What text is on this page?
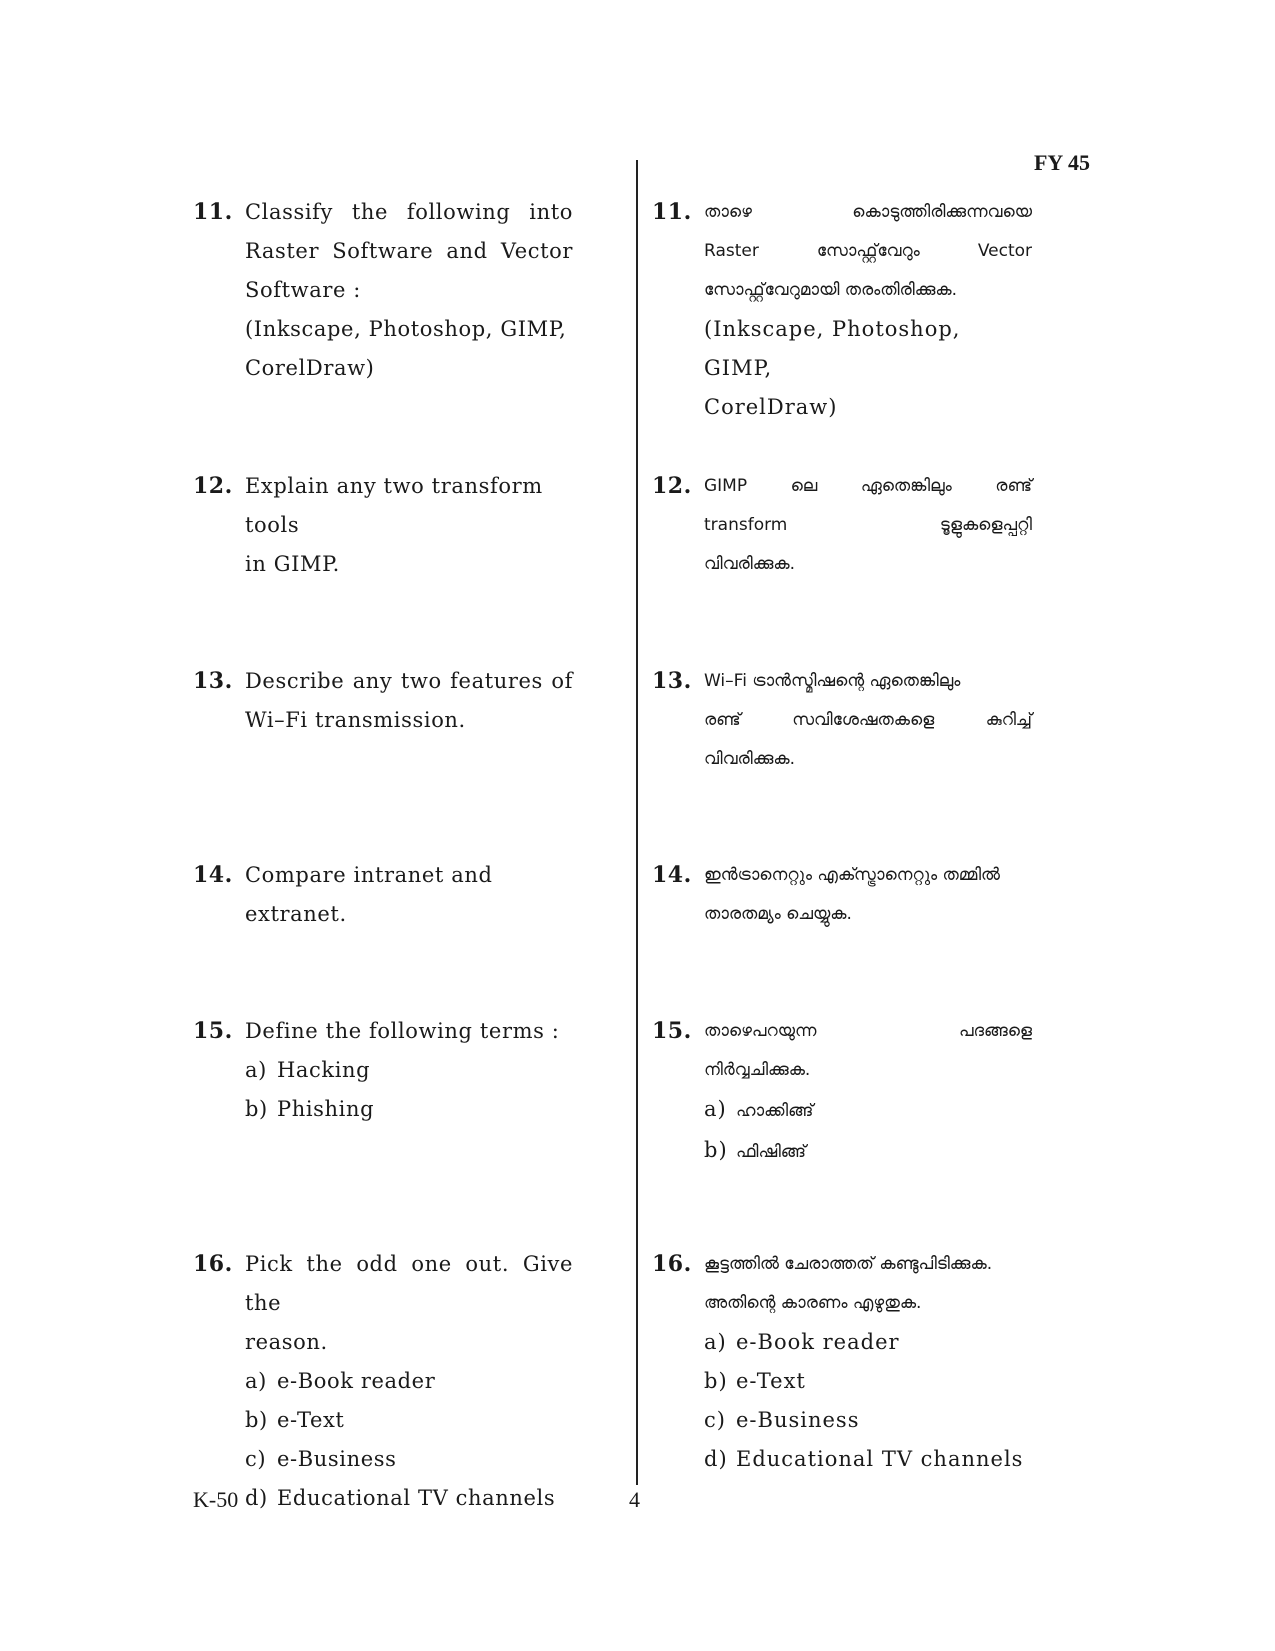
FY 45
11. Classify the following into
Raster Software and Vector
Software :
(Inkscape, Photoshop, GIMP,
CorelDraw)
12. Explain any two transform tools
in GIMP.
13. Describe any two features of
Wi–Fi transmission.
14. Compare intranet and extranet.
15. Define the following terms :
a) Hacking
b) Phishing
16. Pick the odd one out. Give the
reason.
a) e-Book reader
b) e-Text
c) e-Business
d) Educational TV channels
11. താഴെ കൊടുത്തിരിക്കുന്നവയെ
Raster സോഫ്റ്റ്‌വേറും Vector
സോഫ്റ്റ്‌വേറുമായി തരംതിരിക്കുക.
(Inkscape, Photoshop, GIMP,
CorelDraw)
12. GIMP ലെ ഏതെങ്കിലും രണ്ട്
transform ടൂളുകളെപ്പറ്റി
വിവരിക്കുക.
13. Wi–Fi ട്രാൻസ്മിഷന്റെ ഏതെങ്കിലും
രണ്ട് സവിശേഷതകളെ കുറിച്ച്
വിവരിക്കുക.
14. ഇൻട്രാനെറ്റും എക്സ്ട്രാനെറ്റും തമ്മിൽ
താരതമ്യം ചെയ്യുക.
15. താഴെപറയുന്ന പദങ്ങളെ
നിർവ്വചിക്കുക.
a) ഹാക്കിങ്ങ്
b) ഫിഷിങ്ങ്
16. കൂട്ടത്തിൽ ചേരാത്തത് കണ്ടുപിടിക്കുക.
അതിന്റെ കാരണം എഴുതുക.
a) e-Book reader
b) e-Text
c) e-Business
d) Educational TV channels
K-50	4
